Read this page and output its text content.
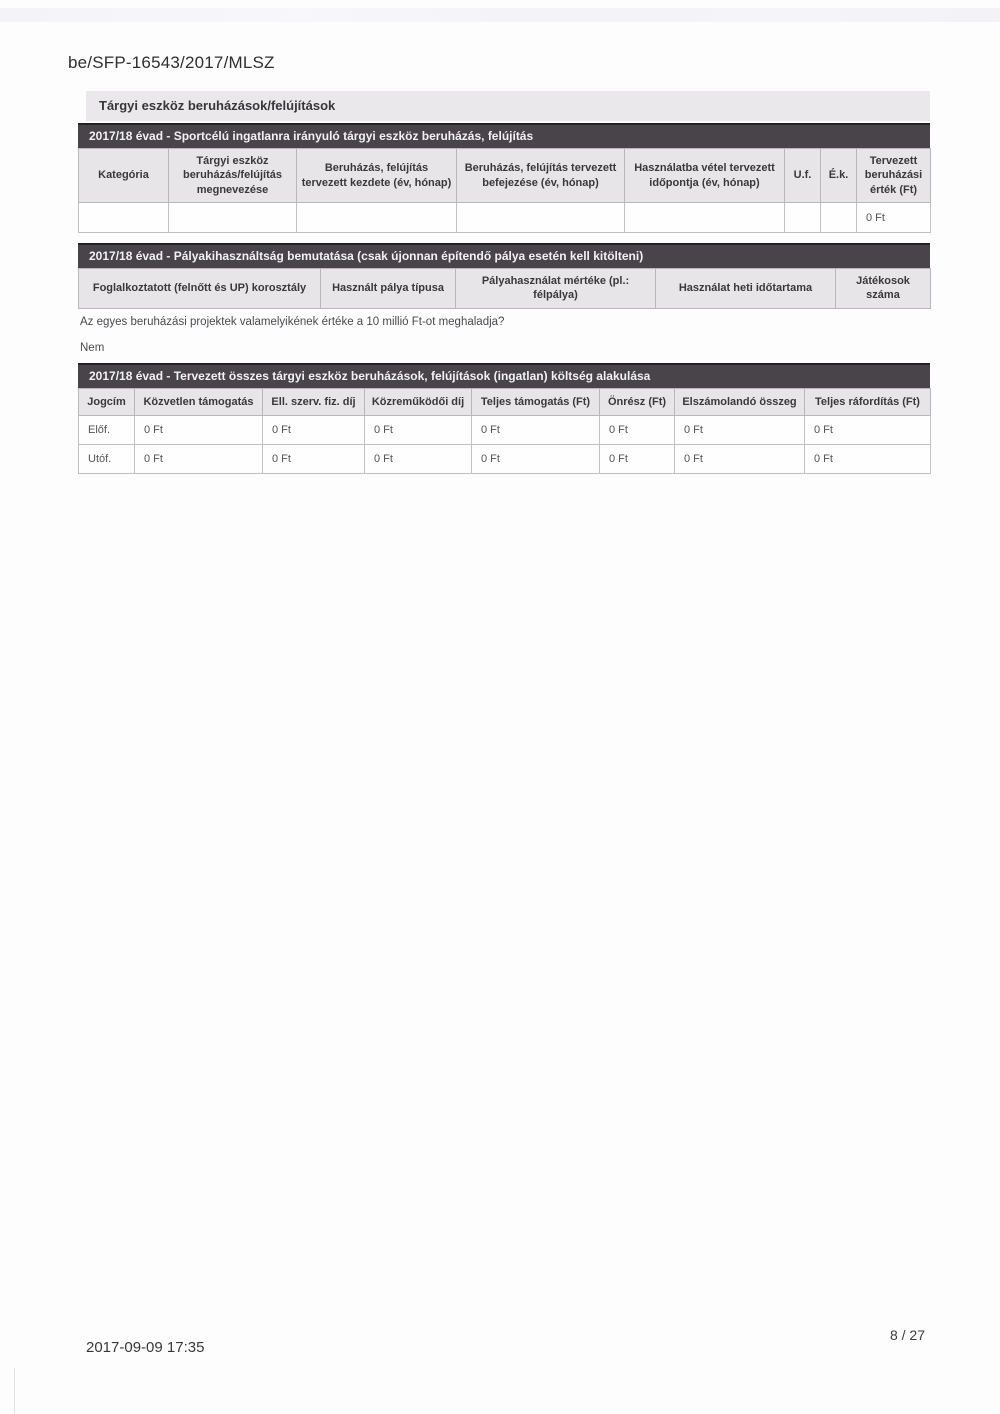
be/SFP-16543/2017/MLSZ
Tárgyi eszköz beruházások/felújítások
2017/18 évad - Sportcélú ingatlanra irányuló tárgyi eszköz beruházás, felújítás
Kategória	Tárgyi eszköz beruházás/felújítás megnevezése	Beruházás, felújítás tervezett kezdete (év, hónap)	Beruházás, felújítás tervezett befejezése (év, hónap)	Használatba vétel tervezett időpontja (év, hónap)	U.f.	É.k.	Tervezett beruházási érték (Ft)
							0 Ft
2017/18 évad - Pályakihasználtság bemutatása (csak újonnan építendő pálya esetén kell kitölteni)
Foglalkoztatott (felnőtt és UP) korosztály	Használt pálya típusa	Pályahasználat mértéke (pl.: félpálya)	Használat heti időtartama	Játékosok száma
Az egyes beruházási projektek valamelyikének értéke a 10 millió Ft-ot meghaladja?
Nem
2017/18 évad - Tervezett összes tárgyi eszköz beruházások, felújítások (ingatlan) költség alakulása
Jogcím	Közvetlen támogatás	Ell. szerv. fiz. díj	Közreműködői díj	Teljes támogatás (Ft)	Önrész (Ft)	Elszámolandó összeg	Teljes ráfordítás (Ft)
Előf.	0 Ft	0 Ft	0 Ft	0 Ft	0 Ft	0 Ft	0 Ft
Utóf.	0 Ft	0 Ft	0 Ft	0 Ft	0 Ft	0 Ft	0 Ft
2017-09-09 17:35
8 / 27
